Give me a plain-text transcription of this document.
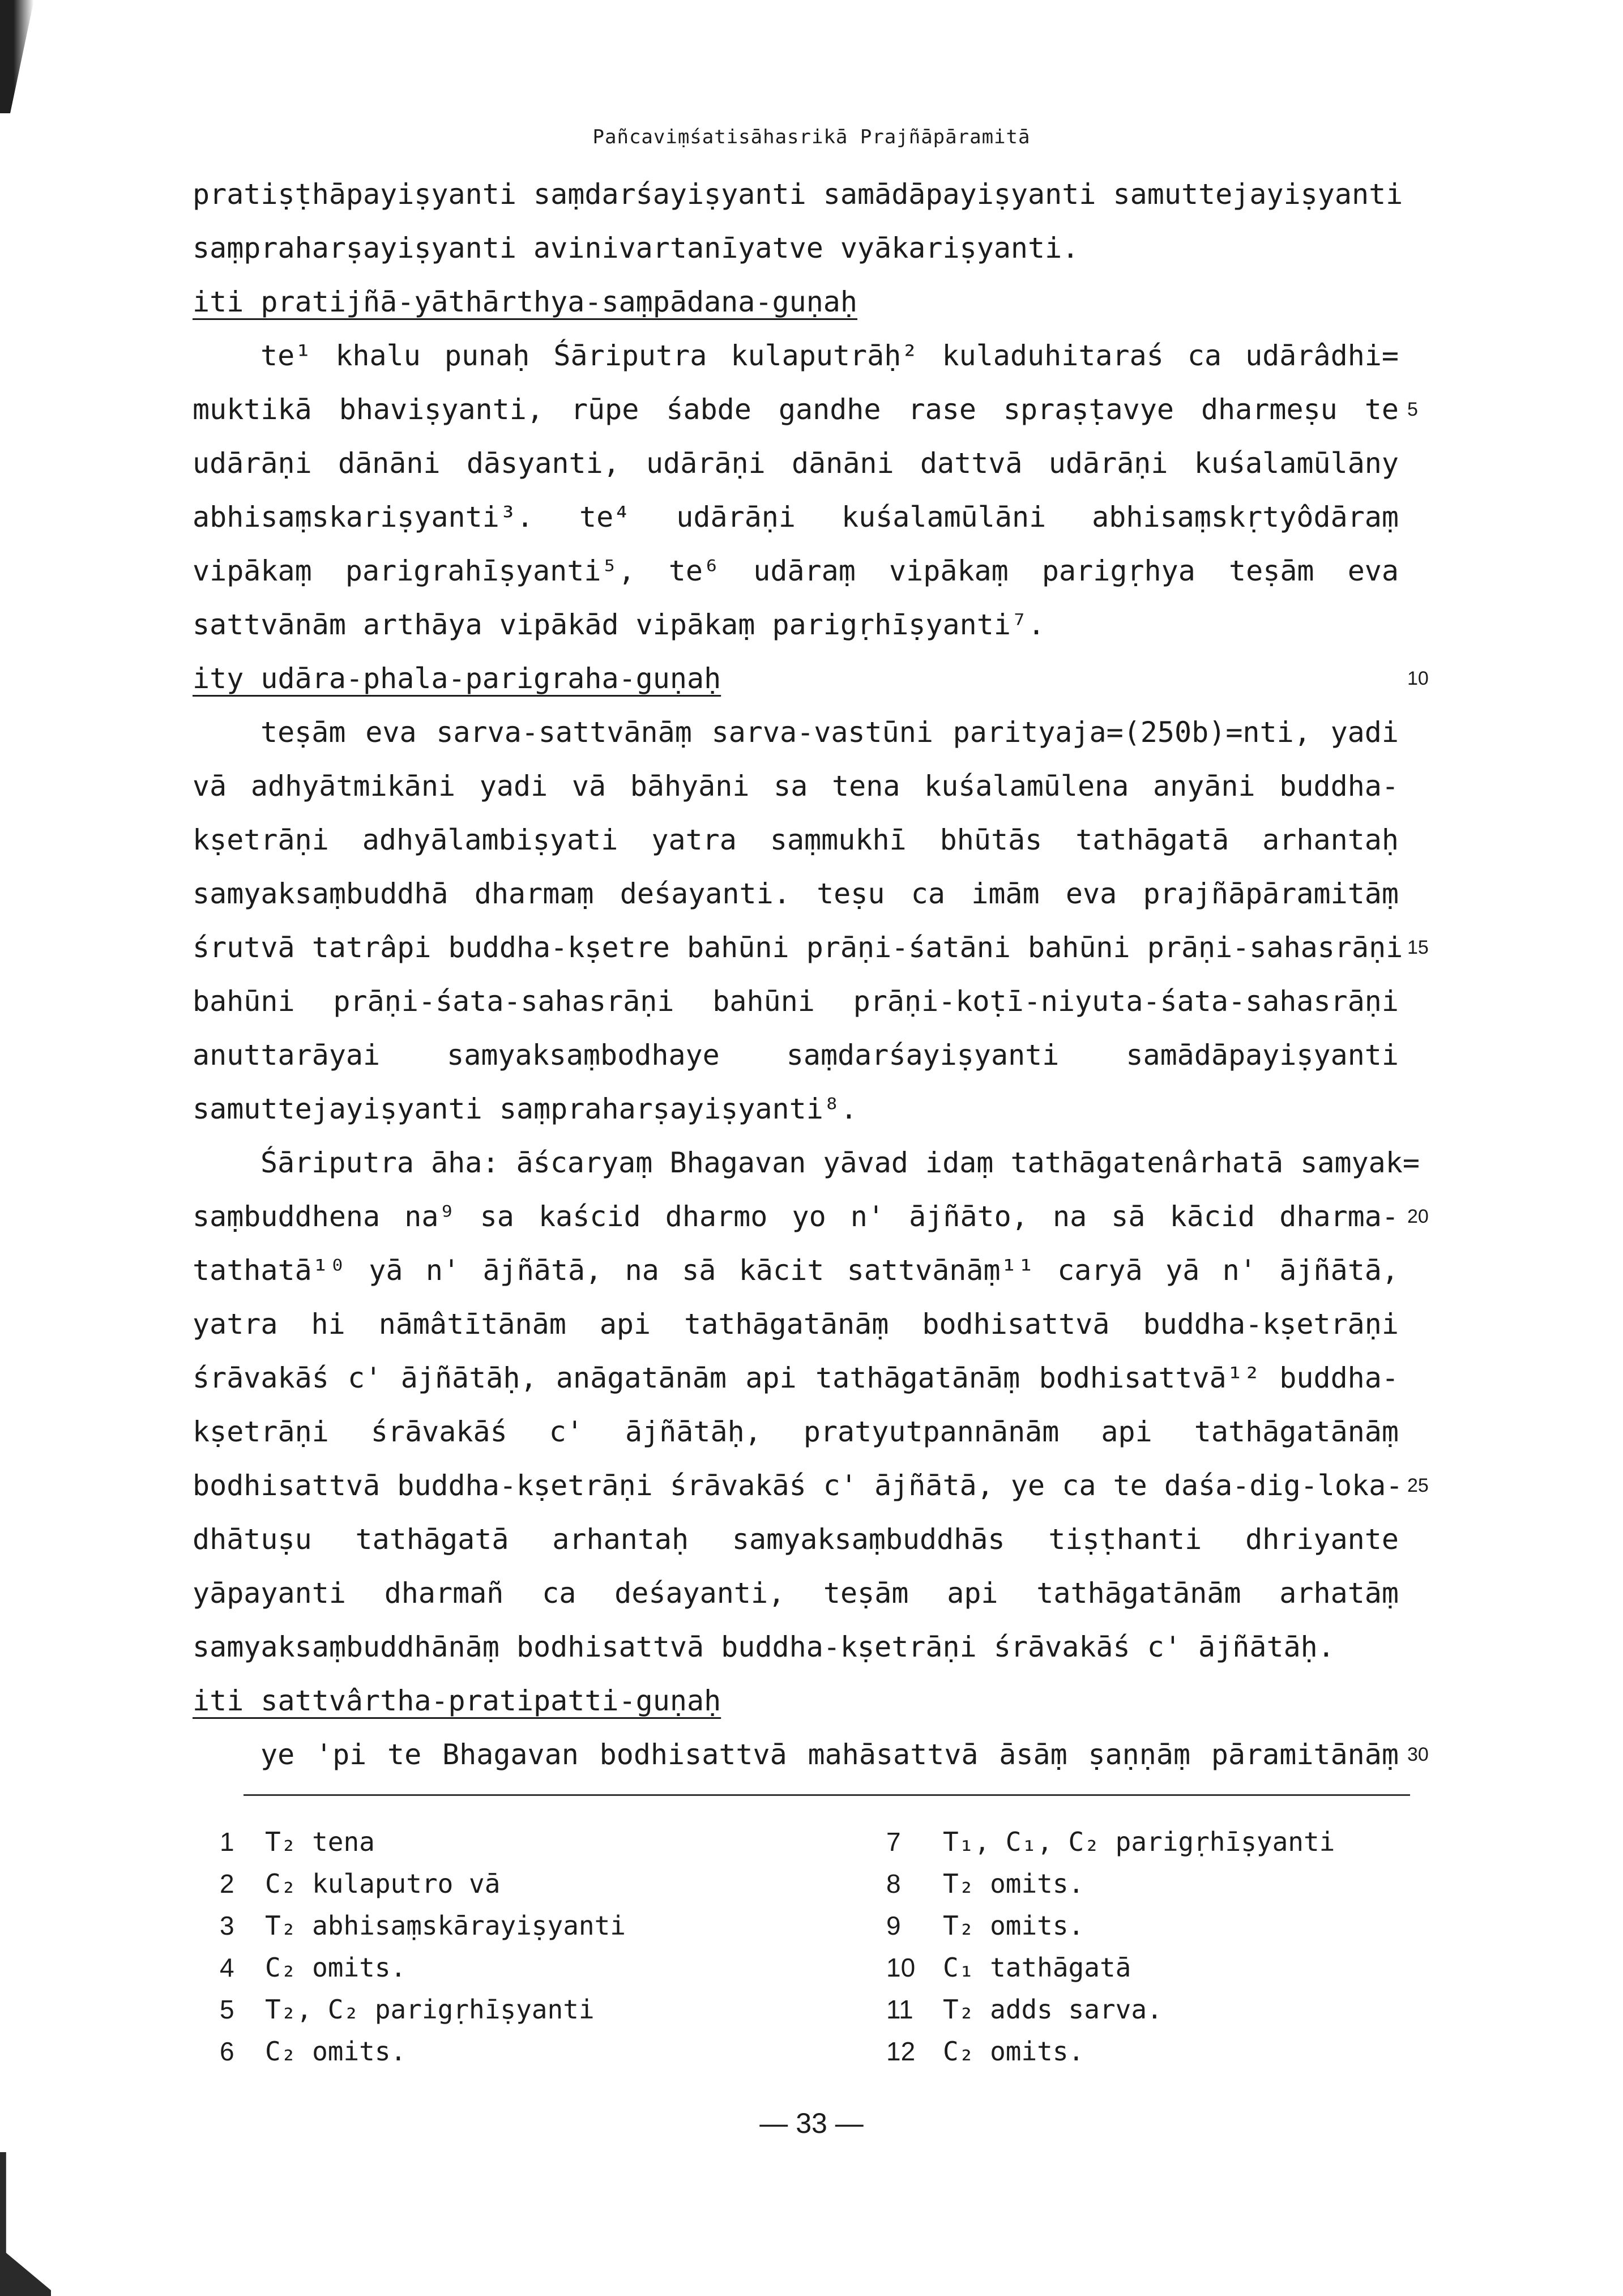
Pañcaviṃśatisāhasrikā Prajñāpāramitā
pratiṣṭhāpayiṣyanti saṃdarśayiṣyanti samādāpayiṣyanti samuttejayiṣyanti
saṃpraharṣayiṣyanti avinivartanīyatve vyākariṣyanti.
iti pratijñā-yāthārthya-saṃpādana-guṇaḥ
te¹ khalu punaḥ Śāriputra kulaputrāḥ² kuladuhitaraś ca udārâdhi=
muktikā bhaviṣyanti, rūpe śabde gandhe rase spraṣṭavye dharmeṣu te 5
udārāṇi dānāni dāsyanti, udārāṇi dānāni dattvā udārāṇi kuśalamūlāny
abhisaṃskariṣyanti³. te⁴ udārāṇi kuśalamūlāni abhisaṃskṛtyôdāraṃ
vipākaṃ parigrahīṣyanti⁵, te⁶ udāraṃ vipākaṃ parigṛhya teṣām eva
sattvānām arthāya vipākād vipākaṃ parigṛhīṣyanti⁷.
ity udāra-phala-parigraha-guṇaḥ	10
teṣām eva sarva-sattvānāṃ sarva-vastūni parityaja=(250b)=nti, yadi
vā adhyātmikāni yadi vā bāhyāni sa tena kuśalamūlena anyāni buddha-
kṣetrāṇi adhyālambiṣyati yatra saṃmukhī bhūtās tathāgatā arhantaḥ
samyaksaṃbuddhā dharmaṃ deśayanti. teṣu ca imām eva prajñāpāramitāṃ
śrutvā tatrâpi buddha-kṣetre bahūni prāṇi-śatāni bahūni prāṇi-sahasrāṇi 15
bahūni prāṇi-śata-sahasrāṇi bahūni prāṇi-koṭī-niyuta-śata-sahasrāṇi
anuttarāyai samyaksaṃbodhaye saṃdarśayiṣyanti samādāpayiṣyanti
samuttejayiṣyanti saṃpraharṣayiṣyanti⁸.
Śāriputra āha: āścaryaṃ Bhagavan yāvad idaṃ tathāgatenârhatā samyak=
saṃbuddhena na⁹ sa kaścid dharmo yo n' ājñāto, na sā kācid dharma- 20
tathatā¹⁰ yā n' ājñātā, na sā kācit sattvānāṃ¹¹ caryā yā n' ājñātā,
yatra hi nāmâtītānām api tathāgatānāṃ bodhisattvā buddha-kṣetrāṇi
śrāvakāś c' ājñātāḥ, anāgatānām api tathāgatānāṃ bodhisattvā¹² buddha-
kṣetrāṇi śrāvakāś c' ājñātāḥ, pratyutpannānām api tathāgatānāṃ
bodhisattvā buddha-kṣetrāṇi śrāvakāś c' ājñātā, ye ca te daśa-dig-loka- 25
dhātuṣu tathāgatā arhantaḥ samyaksaṃbuddhās tiṣṭhanti dhriyante
yāpayanti dharmañ ca deśayanti, teṣām api tathāgatānām arhatāṃ
samyaksaṃbuddhānāṃ bodhisattvā buddha-kṣetrāṇi śrāvakāś c' ājñātāḥ.
iti sattvârtha-pratipatti-guṇaḥ
ye 'pi te Bhagavan bodhisattvā mahāsattvā āsāṃ ṣaṇṇāṃ pāramitānāṃ 30
1	T₂ tena
2	C₂ kulaputro vā
3	T₂ abhisaṃskārayiṣyanti
4	C₂ omits.
5	T₂, C₂ parigṛhīṣyanti
6	C₂ omits.
7	T₁, C₁, C₂ parigṛhīṣyanti
8	T₂ omits.
9	T₂ omits.
10	C₁ tathāgatā
11	T₂ adds sarva.
12	C₂ omits.
— 33 —
